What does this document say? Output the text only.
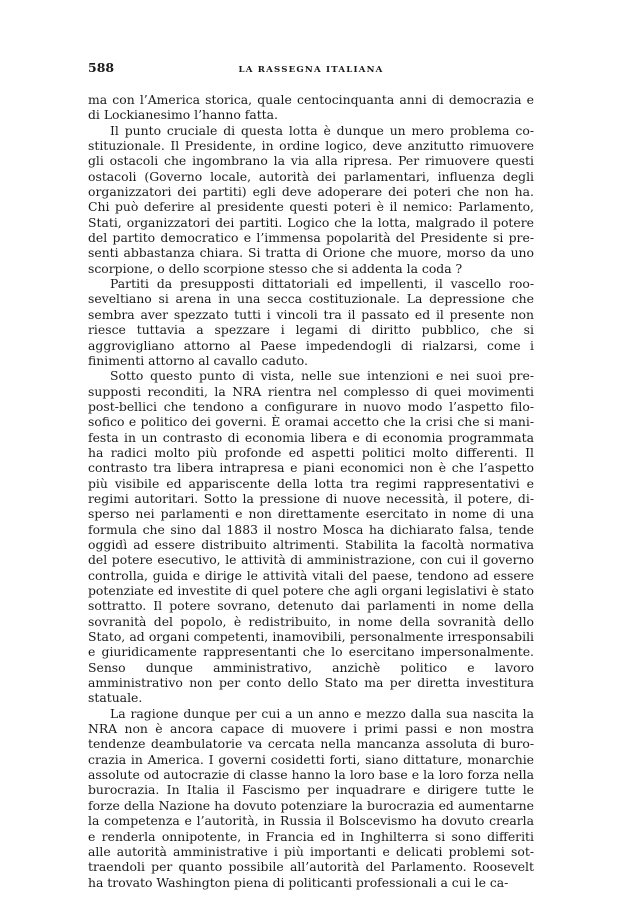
588	LA RASSEGNA ITALIANA

ma con l’America storica, quale centocinquanta anni di democrazia e di Lockianesimo l’hanno fatta.

Il punto cruciale di questa lotta è dunque un mero problema costituzionale. Il Presidente, in ordine logico, deve anzitutto rimuovere gli ostacoli che ingombrano la via alla ripresa. Per rimuovere questi ostacoli (Governo locale, autorità dei parlamentari, influenza degli organizzatori dei partiti) egli deve adoperare dei poteri che non ha. Chi può deferire al presidente questi poteri è il nemico: Parlamento, Stati, organizzatori dei partiti. Logico che la lotta, malgrado il potere del partito democratico e l’immensa popolarità del Presidente si presenti abbastanza chiara. Si tratta di Orione che muore, morso da uno scorpione, o dello scorpione stesso che si addenta la coda ?

Partiti da presupposti dittatoriali ed impellenti, il vascello rooseveltiano si arena in una secca costituzionale. La depressione che sembra aver spezzato tutti i vincoli tra il passato ed il presente non riesce tuttavia a spezzare i legami di diritto pubblico, che si aggrovigliano attorno al Paese impedendogli di rialzarsi, come i finimenti attorno al cavallo caduto.

Sotto questo punto di vista, nelle sue intenzioni e nei suoi presupposti reconditi, la NRA rientra nel complesso di quei movimenti post-bellici che tendono a configurare in nuovo modo l’aspetto filosofico e politico dei governi. È oramai accetto che la crisi che si manifesta in un contrasto di economia libera e di economia programmata ha radici molto più profonde ed aspetti politici molto differenti. Il contrasto tra libera intrapresa e piani economici non è che l’aspetto più visibile ed appariscente della lotta tra regimi rappresentativi e regimi autoritari. Sotto la pressione di nuove necessità, il potere, disperso nei parlamenti e non direttamente esercitato in nome di una formula che sino dal 1883 il nostro Mosca ha dichiarato falsa, tende oggidì ad essere distribuito altrimenti. Stabilita la facoltà normativa del potere esecutivo, le attività di amministrazione, con cui il governo controlla, guida e dirige le attività vitali del paese, tendono ad essere potenziate ed investite di quel potere che agli organi legislativi è stato sottratto. Il potere sovrano, detenuto dai parlamenti in nome della sovranità del popolo, è redistribuito, in nome della sovranità dello Stato, ad organi competenti, inamovibili, personalmente irresponsabili e giuridicamente rappresentanti che lo esercitano impersonalmente. Senso dunque amministrativo, anzichè politico e lavoro amministrativo non per conto dello Stato ma per diretta investitura statuale.

La ragione dunque per cui a un anno e mezzo dalla sua nascita la NRA non è ancora capace di muovere i primi passi e non mostra tendenze deambulatorie va cercata nella mancanza assoluta di burocrazia in America. I governi cosidetti forti, siano dittature, monarchie assolute od autocrazie di classe hanno la loro base e la loro forza nella burocrazia. In Italia il Fascismo per inquadrare e dirigere tutte le forze della Nazione ha dovuto potenziare la burocrazia ed aumentarne la competenza e l’autorità, in Russia il Bolscevismo ha dovuto crearla e renderla onnipotente, in Francia ed in Inghilterra si sono differiti alle autorità amministrative i più importanti e delicati problemi sottraendoli per quanto possibile all’autorità del Parlamento. Roosevelt ha trovato Washington piena di politicanti professionali a cui le ca-
